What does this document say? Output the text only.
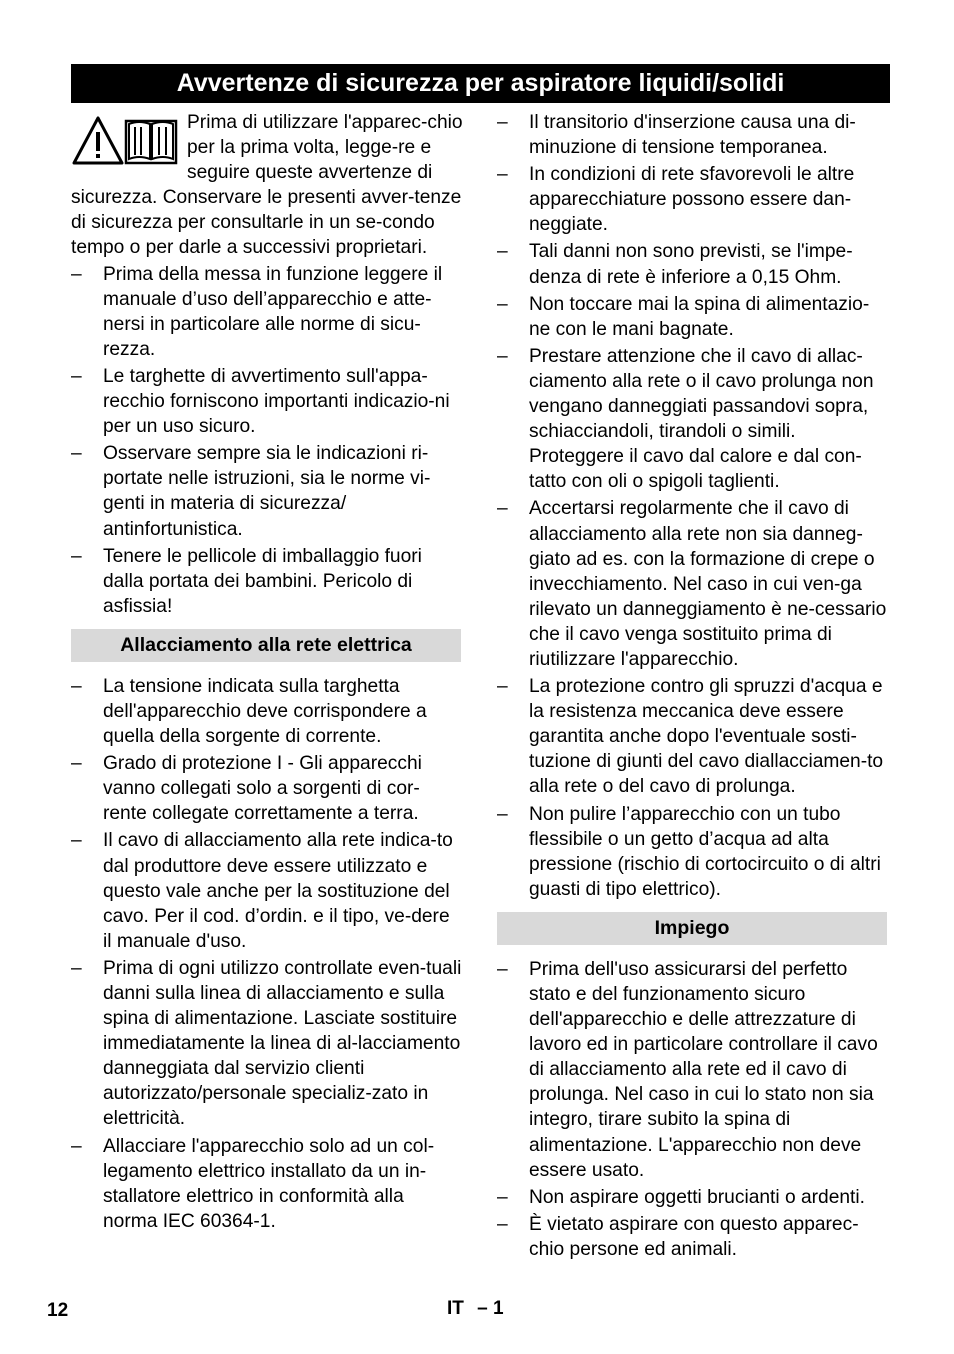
Avvertenze di sicurezza per aspiratore liquidi/solidi
Prima di utilizzare l'apparec-chio per la prima volta, legge-re e seguire queste avvertenze di sicurezza. Conservare le presenti avver-tenze di sicurezza per consultarle in un se-condo tempo o per darle a successivi proprietari.
– Prima della messa in funzione leggere il manuale d’uso dell’apparecchio e atte-nersi in particolare alle norme di sicu-rezza.
– Le targhette di avvertimento sull'appa-recchio forniscono importanti indicazio-ni per un uso sicuro.
– Osservare sempre sia le indicazioni ri-portate nelle istruzioni, sia le norme vi-genti in materia di sicurezza/ antinfortunistica.
– Tenere le pellicole di imballaggio fuori dalla portata dei bambini. Pericolo di asfissia!
Allacciamento alla rete elettrica
– La tensione indicata sulla targhetta dell'apparecchio deve corrispondere a quella della sorgente di corrente.
– Grado di protezione I - Gli apparecchi vanno collegati solo a sorgenti di cor-rente collegate correttamente a terra.
– Il cavo di allacciamento alla rete indica-to dal produttore deve essere utilizzato e questo vale anche per la sostituzione del cavo. Per il cod. d’ordin. e il tipo, ve-dere il manuale d'uso.
– Prima di ogni utilizzo controllate even-tuali danni sulla linea di allacciamento e sulla spina di alimentazione. Lasciate sostituire immediatamente la linea di al-lacciamento danneggiata dal servizio clienti autorizzato/personale specializ-zato in elettricità.
– Allacciare l'apparecchio solo ad un col-legamento elettrico installato da un in-stallatore elettrico in conformità alla norma IEC 60364-1.
– Il transitorio d'inserzione causa una di-minuzione di tensione temporanea.
– In condizioni di rete sfavorevoli le altre apparecchiature possono essere dan-neggiate.
– Tali danni non sono previsti, se l'impe-denza di rete è inferiore a 0,15 Ohm.
– Non toccare mai la spina di alimentazio-ne con le mani bagnate.
– Prestare attenzione che il cavo di allac-ciamento alla rete o il cavo prolunga non vengano danneggiati passandovi sopra, schiacciandoli, tirandoli o simili. Proteggere il cavo dal calore e dal con-tatto con oli o spigoli taglienti.
– Accertarsi regolarmente che il cavo di allacciamento alla rete non sia danneg-giato ad es. con la formazione di crepe o invecchiamento. Nel caso in cui ven-ga rilevato un danneggiamento è ne-cessario che il cavo venga sostituito prima di riutilizzare l'apparecchio.
– La protezione contro gli spruzzi d'acqua e la resistenza meccanica deve essere garantita anche dopo l'eventuale sosti-tuzione di giunti del cavo diallacciamen-to alla rete o del cavo di prolunga.
– Non pulire l’apparecchio con un tubo flessibile o un getto d’acqua ad alta pressione (rischio di cortocircuito o di altri guasti di tipo elettrico).
Impiego
– Prima dell'uso assicurarsi del perfetto stato e del funzionamento sicuro dell'apparecchio e delle attrezzature di lavoro ed in particolare controllare il cavo di allacciamento alla rete ed il cavo di prolunga. Nel caso in cui lo stato non sia integro, tirare subito la spina di alimentazione. L'apparecchio non deve essere usato.
– Non aspirare oggetti brucianti o ardenti.
– È vietato aspirare con questo apparec-chio persone ed animali.
12	IT – 1
